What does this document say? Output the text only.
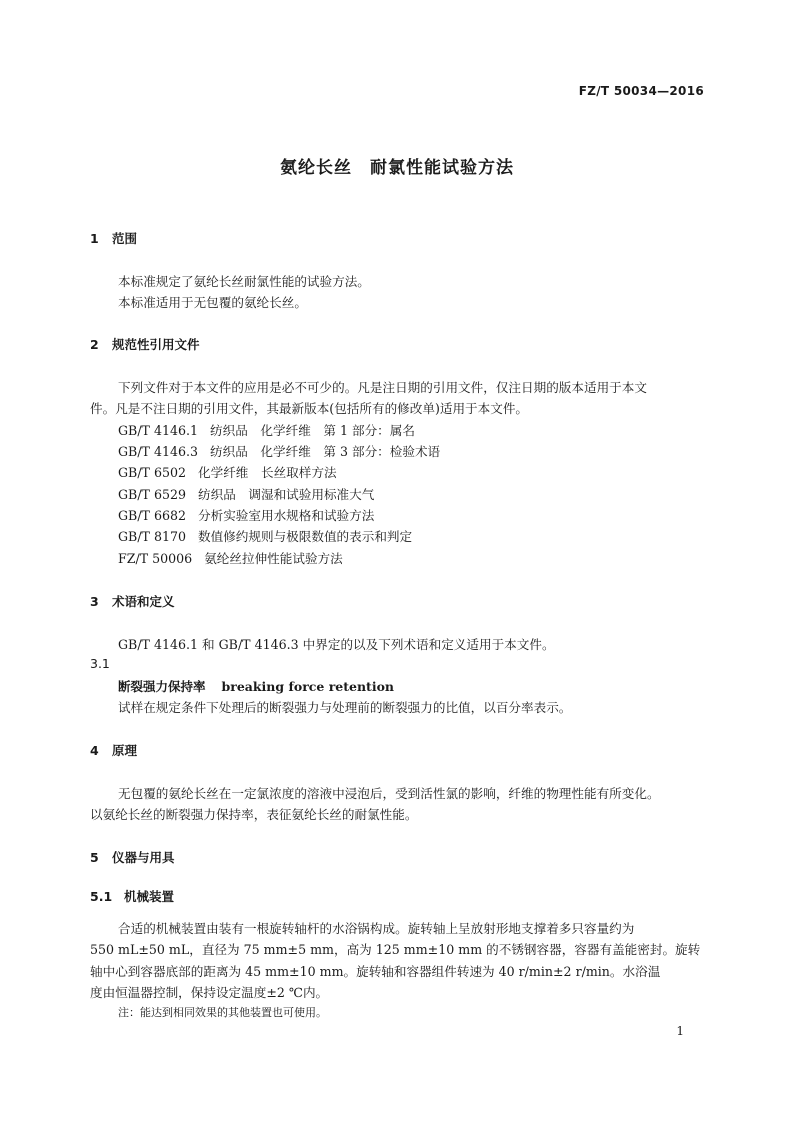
FZ/T 50034—2016
氨纶长丝　耐氯性能试验方法
1 范围

本标准规定了氨纶长丝耐氯性能的试验方法。

本标准适用于无包覆的氨纶长丝。

2 规范性引用文件

下列文件对于本文件的应用是必不可少的。凡是注日期的引用文件，仅注日期的版本适用于本文

件。凡是不注日期的引用文件，其最新版本(包括所有的修改单)适用于本文件。

GB/T 4146.1 纺织品　化学纤维　第 1 部分：属名
GB/T 4146.3 纺织品　化学纤维　第 3 部分：检验术语
GB/T 6502 化学纤维　长丝取样方法
GB/T 6529 纺织品　调湿和试验用标准大气
GB/T 6682 分析实验室用水规格和试验方法
GB/T 8170 数值修约规则与极限数值的表示和判定
FZ/T 50006 氨纶丝拉伸性能试验方法
3 术语和定义

GB/T 4146.1 和 GB/T 4146.3 中界定的以及下列术语和定义适用于本文件。

3.1
断裂强力保持率 breaking force retention

试样在规定条件下处理后的断裂强力与处理前的断裂强力的比值，以百分率表示。

4 原理

无包覆的氨纶长丝在一定氯浓度的溶液中浸泡后，受到活性氯的影响，纤维的物理性能有所变化。

以氨纶长丝的断裂强力保持率，表征氨纶长丝的耐氯性能。

5 仪器与用具
5.1 机械装置

合适的机械装置由装有一根旋转轴杆的水浴锅构成。旋转轴上呈放射形地支撑着多只容量约为

550 mL±50 mL，直径为 75 mm±5 mm，高为 125 mm±10 mm 的不锈钢容器，容器有盖能密封。旋转

轴中心到容器底部的距离为 45 mm±10 mm。旋转轴和容器组件转速为 40 r/min±2 r/min。水浴温

度由恒温器控制，保持设定温度±2 ℃内。

注：能达到相同效果的其他装置也可使用。

1
